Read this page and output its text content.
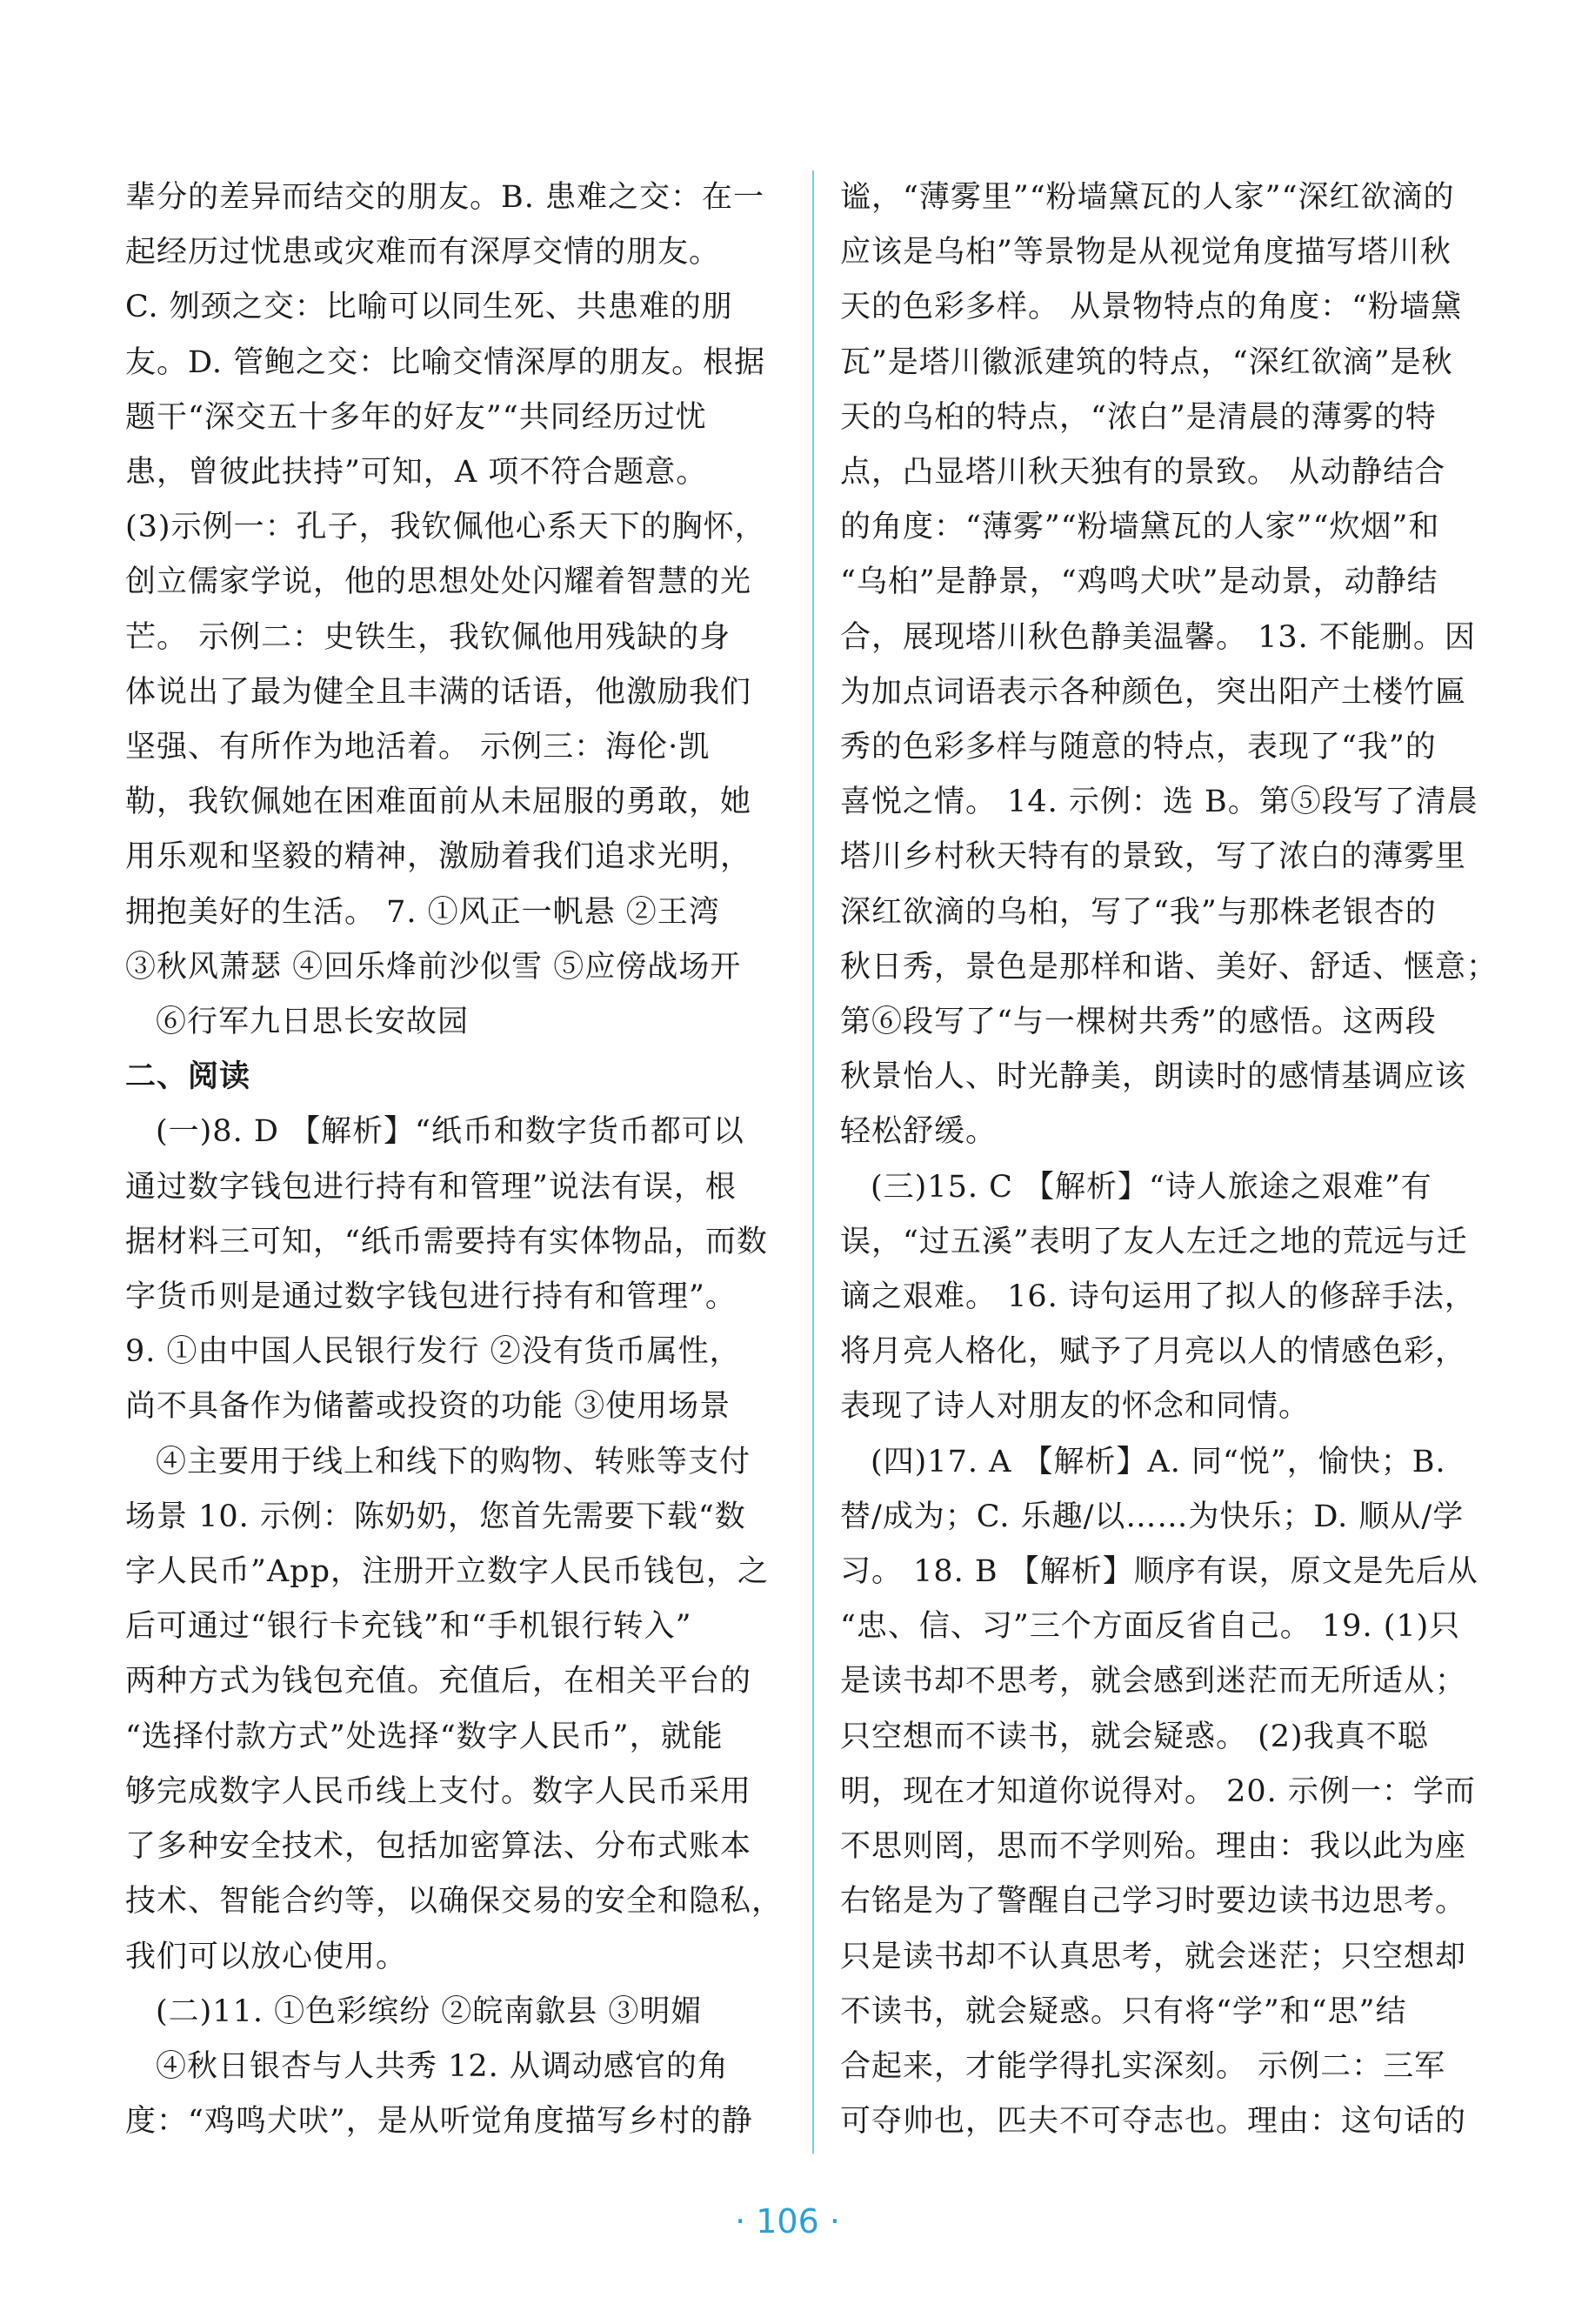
辈分的差异而结交的朋友。B. 患难之交：在一
起经历过忧患或灾难而有深厚交情的朋友。
C. 刎颈之交：比喻可以同生死、共患难的朋
友。D. 管鲍之交：比喻交情深厚的朋友。根据
题干“深交五十多年的好友”“共同经历过忧
患，曾彼此扶持”可知，A 项不符合题意。
(3)示例一：孔子，我钦佩他心系天下的胸怀，
创立儒家学说，他的思想处处闪耀着智慧的光
芒。 示例二：史铁生，我钦佩他用残缺的身
体说出了最为健全且丰满的话语，他激励我们
坚强、有所作为地活着。 示例三：海伦·凯
勒，我钦佩她在困难面前从未屈服的勇敢，她
用乐观和坚毅的精神，激励着我们追求光明，
拥抱美好的生活。 7. ①风正一帆悬 ②王湾
③秋风萧瑟 ④回乐烽前沙似雪 ⑤应傍战场开
⑥行军九日思长安故园
二、阅读
(一)8. D 【解析】“纸币和数字货币都可以
通过数字钱包进行持有和管理”说法有误，根
据材料三可知，“纸币需要持有实体物品，而数
字货币则是通过数字钱包进行持有和管理”。
9. ①由中国人民银行发行 ②没有货币属性，
尚不具备作为储蓄或投资的功能 ③使用场景
④主要用于线上和线下的购物、转账等支付
场景 10. 示例：陈奶奶，您首先需要下载“数
字人民币”App，注册开立数字人民币钱包，之
后可通过“银行卡充钱”和“手机银行转入”
两种方式为钱包充值。充值后，在相关平台的
“选择付款方式”处选择“数字人民币”，就能
够完成数字人民币线上支付。数字人民币采用
了多种安全技术，包括加密算法、分布式账本
技术、智能合约等，以确保交易的安全和隐私，
我们可以放心使用。
(二)11. ①色彩缤纷 ②皖南歙县 ③明媚
④秋日银杏与人共秀 12. 从调动感官的角
度：“鸡鸣犬吠”，是从听觉角度描写乡村的静
谧，“薄雾里”“粉墙黛瓦的人家”“深红欲滴的
应该是乌桕”等景物是从视觉角度描写塔川秋
天的色彩多样。 从景物特点的角度：“粉墙黛
瓦”是塔川徽派建筑的特点，“深红欲滴”是秋
天的乌桕的特点，“浓白”是清晨的薄雾的特
点，凸显塔川秋天独有的景致。 从动静结合
的角度：“薄雾”“粉墙黛瓦的人家”“炊烟”和
“乌桕”是静景，“鸡鸣犬吠”是动景，动静结
合，展现塔川秋色静美温馨。 13. 不能删。因
为加点词语表示各种颜色，突出阳产土楼竹匾
秀的色彩多样与随意的特点，表现了“我”的
喜悦之情。 14. 示例：选 B。第⑤段写了清晨
塔川乡村秋天特有的景致，写了浓白的薄雾里
深红欲滴的乌桕，写了“我”与那株老银杏的
秋日秀，景色是那样和谐、美好、舒适、惬意；
第⑥段写了“与一棵树共秀”的感悟。这两段
秋景怡人、时光静美，朗读时的感情基调应该
轻松舒缓。
(三)15. C 【解析】“诗人旅途之艰难”有
误，“过五溪”表明了友人左迁之地的荒远与迁
谪之艰难。 16. 诗句运用了拟人的修辞手法，
将月亮人格化，赋予了月亮以人的情感色彩，
表现了诗人对朋友的怀念和同情。
(四)17. A 【解析】A. 同“悦”，愉快；B.
替/成为；C. 乐趣/以……为快乐；D. 顺从/学
习。 18. B 【解析】顺序有误，原文是先后从
“忠、信、习”三个方面反省自己。 19. (1)只
是读书却不思考，就会感到迷茫而无所适从；
只空想而不读书，就会疑惑。 (2)我真不聪
明，现在才知道你说得对。 20. 示例一：学而
不思则罔，思而不学则殆。理由：我以此为座
右铭是为了警醒自己学习时要边读书边思考。
只是读书却不认真思考，就会迷茫；只空想却
不读书，就会疑惑。只有将“学”和“思”结
合起来，才能学得扎实深刻。 示例二：三军
可夺帅也，匹夫不可夺志也。理由：这句话的
· 106 ·
